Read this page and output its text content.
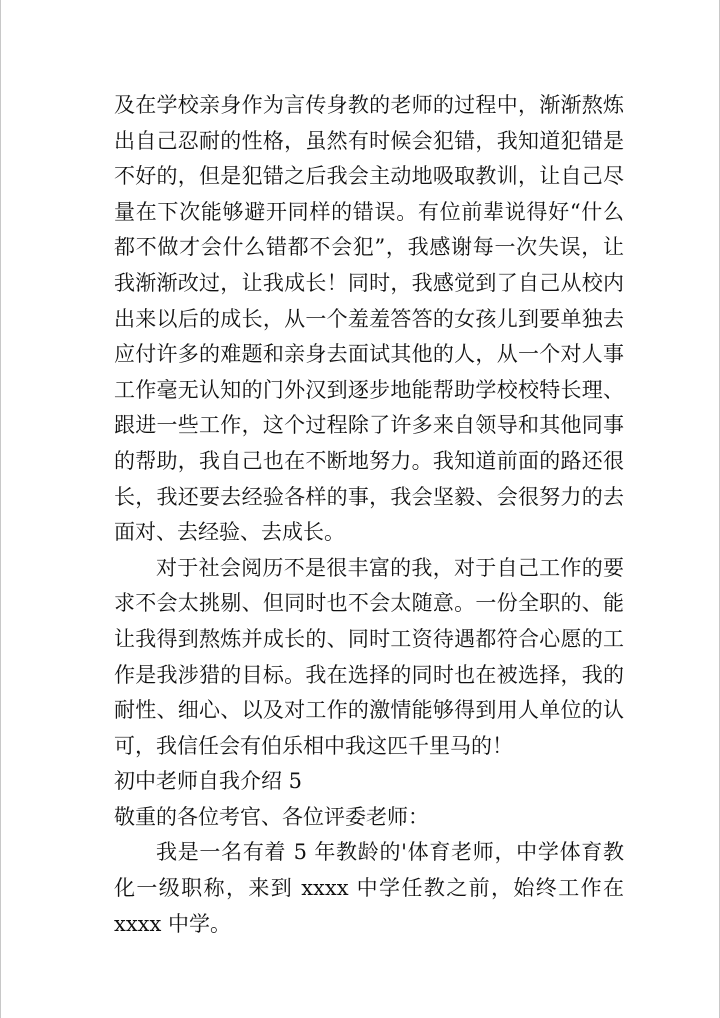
及在学校亲身作为言传身教的老师的过程中，渐渐熬炼出自己忍耐的性格，虽然有时候会犯错，我知道犯错是不好的，但是犯错之后我会主动地吸取教训，让自己尽量在下次能够避开同样的错误。有位前辈说得好“什么都不做才会什么错都不会犯”，我感谢每一次失误，让我渐渐改过，让我成长！同时，我感觉到了自己从校内出来以后的成长，从一个羞羞答答的女孩儿到要单独去应付许多的难题和亲身去面试其他的人，从一个对人事工作毫无认知的门外汉到逐步地能帮助学校校特长理、跟进一些工作，这个过程除了许多来自领导和其他同事的帮助，我自己也在不断地努力。我知道前面的路还很长，我还要去经验各样的事，我会坚毅、会很努力的去面对、去经验、去成长。

对于社会阅历不是很丰富的我，对于自己工作的要求不会太挑剔、但同时也不会太随意。一份全职的、能让我得到熬炼并成长的、同时工资待遇都符合心愿的工作是我涉猎的目标。我在选择的同时也在被选择，我的耐性、细心、以及对工作的激情能够得到用人单位的认可，我信任会有伯乐相中我这匹千里马的！

初中老师自我介绍 5

敬重的各位考官、各位评委老师：

我是一名有着 5 年教龄的'体育老师，中学体育教化一级职称，来到 xxxx 中学任教之前，始终工作在 xxxx 中学。
